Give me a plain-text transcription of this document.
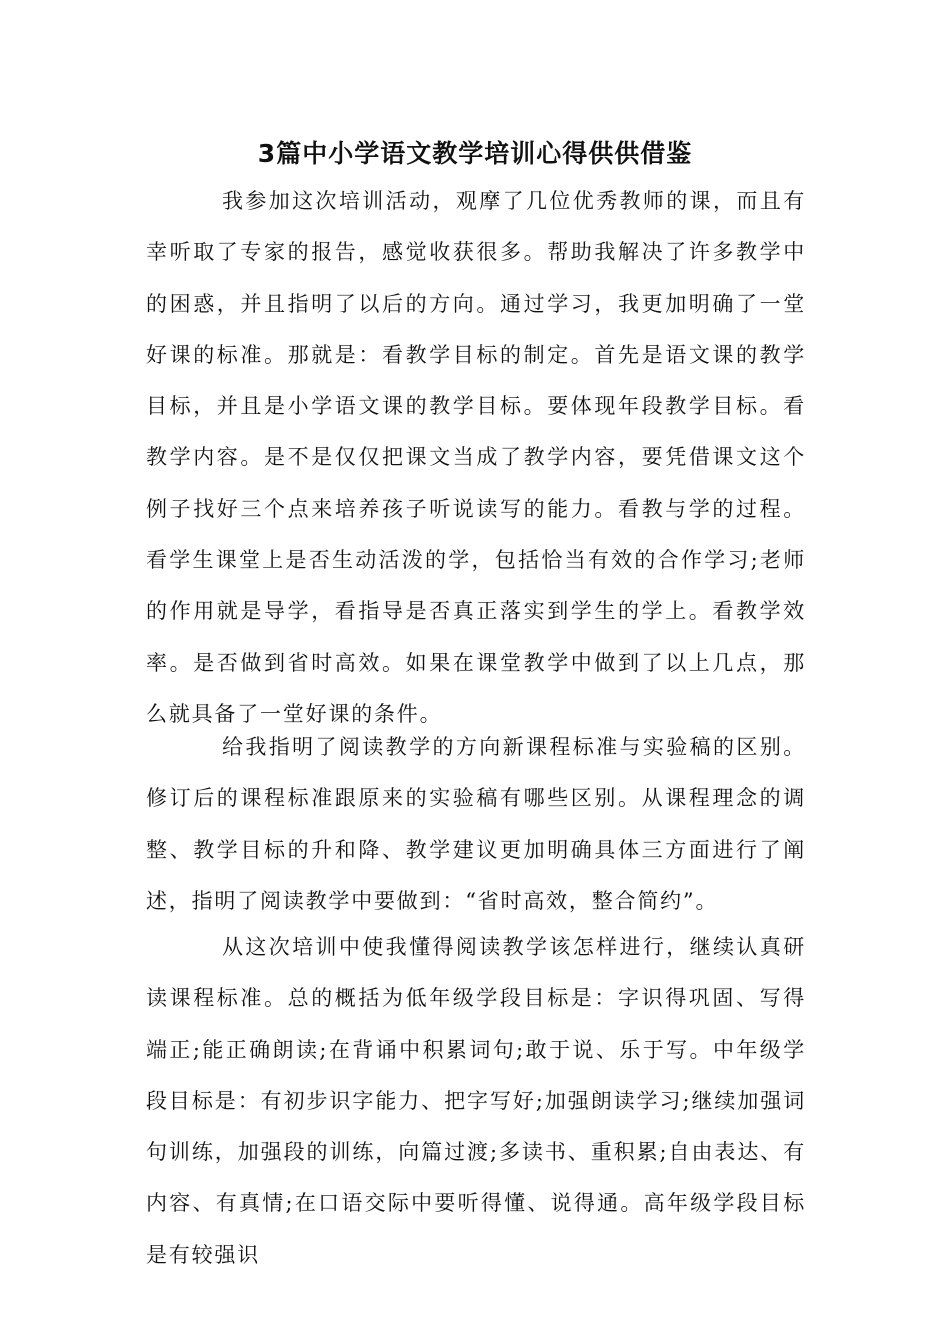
3篇中小学语文教学培训心得供供借鉴

我参加这次培训活动，观摩了几位优秀教师的课，而且有幸听取了专家的报告，感觉收获很多。帮助我解决了许多教学中的困惑，并且指明了以后的方向。通过学习，我更加明确了一堂好课的标准。那就是：看教学目标的制定。首先是语文课的教学目标，并且是小学语文课的教学目标。要体现年段教学目标。看教学内容。是不是仅仅把课文当成了教学内容，要凭借课文这个例子找好三个点来培养孩子听说读写的能力。看教与学的过程。看学生课堂上是否生动活泼的学，包括恰当有效的合作学习;老师的作用就是导学，看指导是否真正落实到学生的学上。看教学效率。是否做到省时高效。如果在课堂教学中做到了以上几点，那么就具备了一堂好课的条件。

给我指明了阅读教学的方向新课程标准与实验稿的区别。修订后的课程标准跟原来的实验稿有哪些区别。从课程理念的调整、教学目标的升和降、教学建议更加明确具体三方面进行了阐述，指明了阅读教学中要做到：“省时高效，整合简约”。

从这次培训中使我懂得阅读教学该怎样进行，继续认真研读课程标准。总的概括为低年级学段目标是：字识得巩固、写得端正;能正确朗读;在背诵中积累词句;敢于说、乐于写。中年级学段目标是：有初步识字能力、把字写好;加强朗读学习;继续加强词句训练，加强段的训练，向篇过渡;多读书、重积累;自由表达、有内容、有真情;在口语交际中要听得懂、说得通。高年级学段目标是有较强识
